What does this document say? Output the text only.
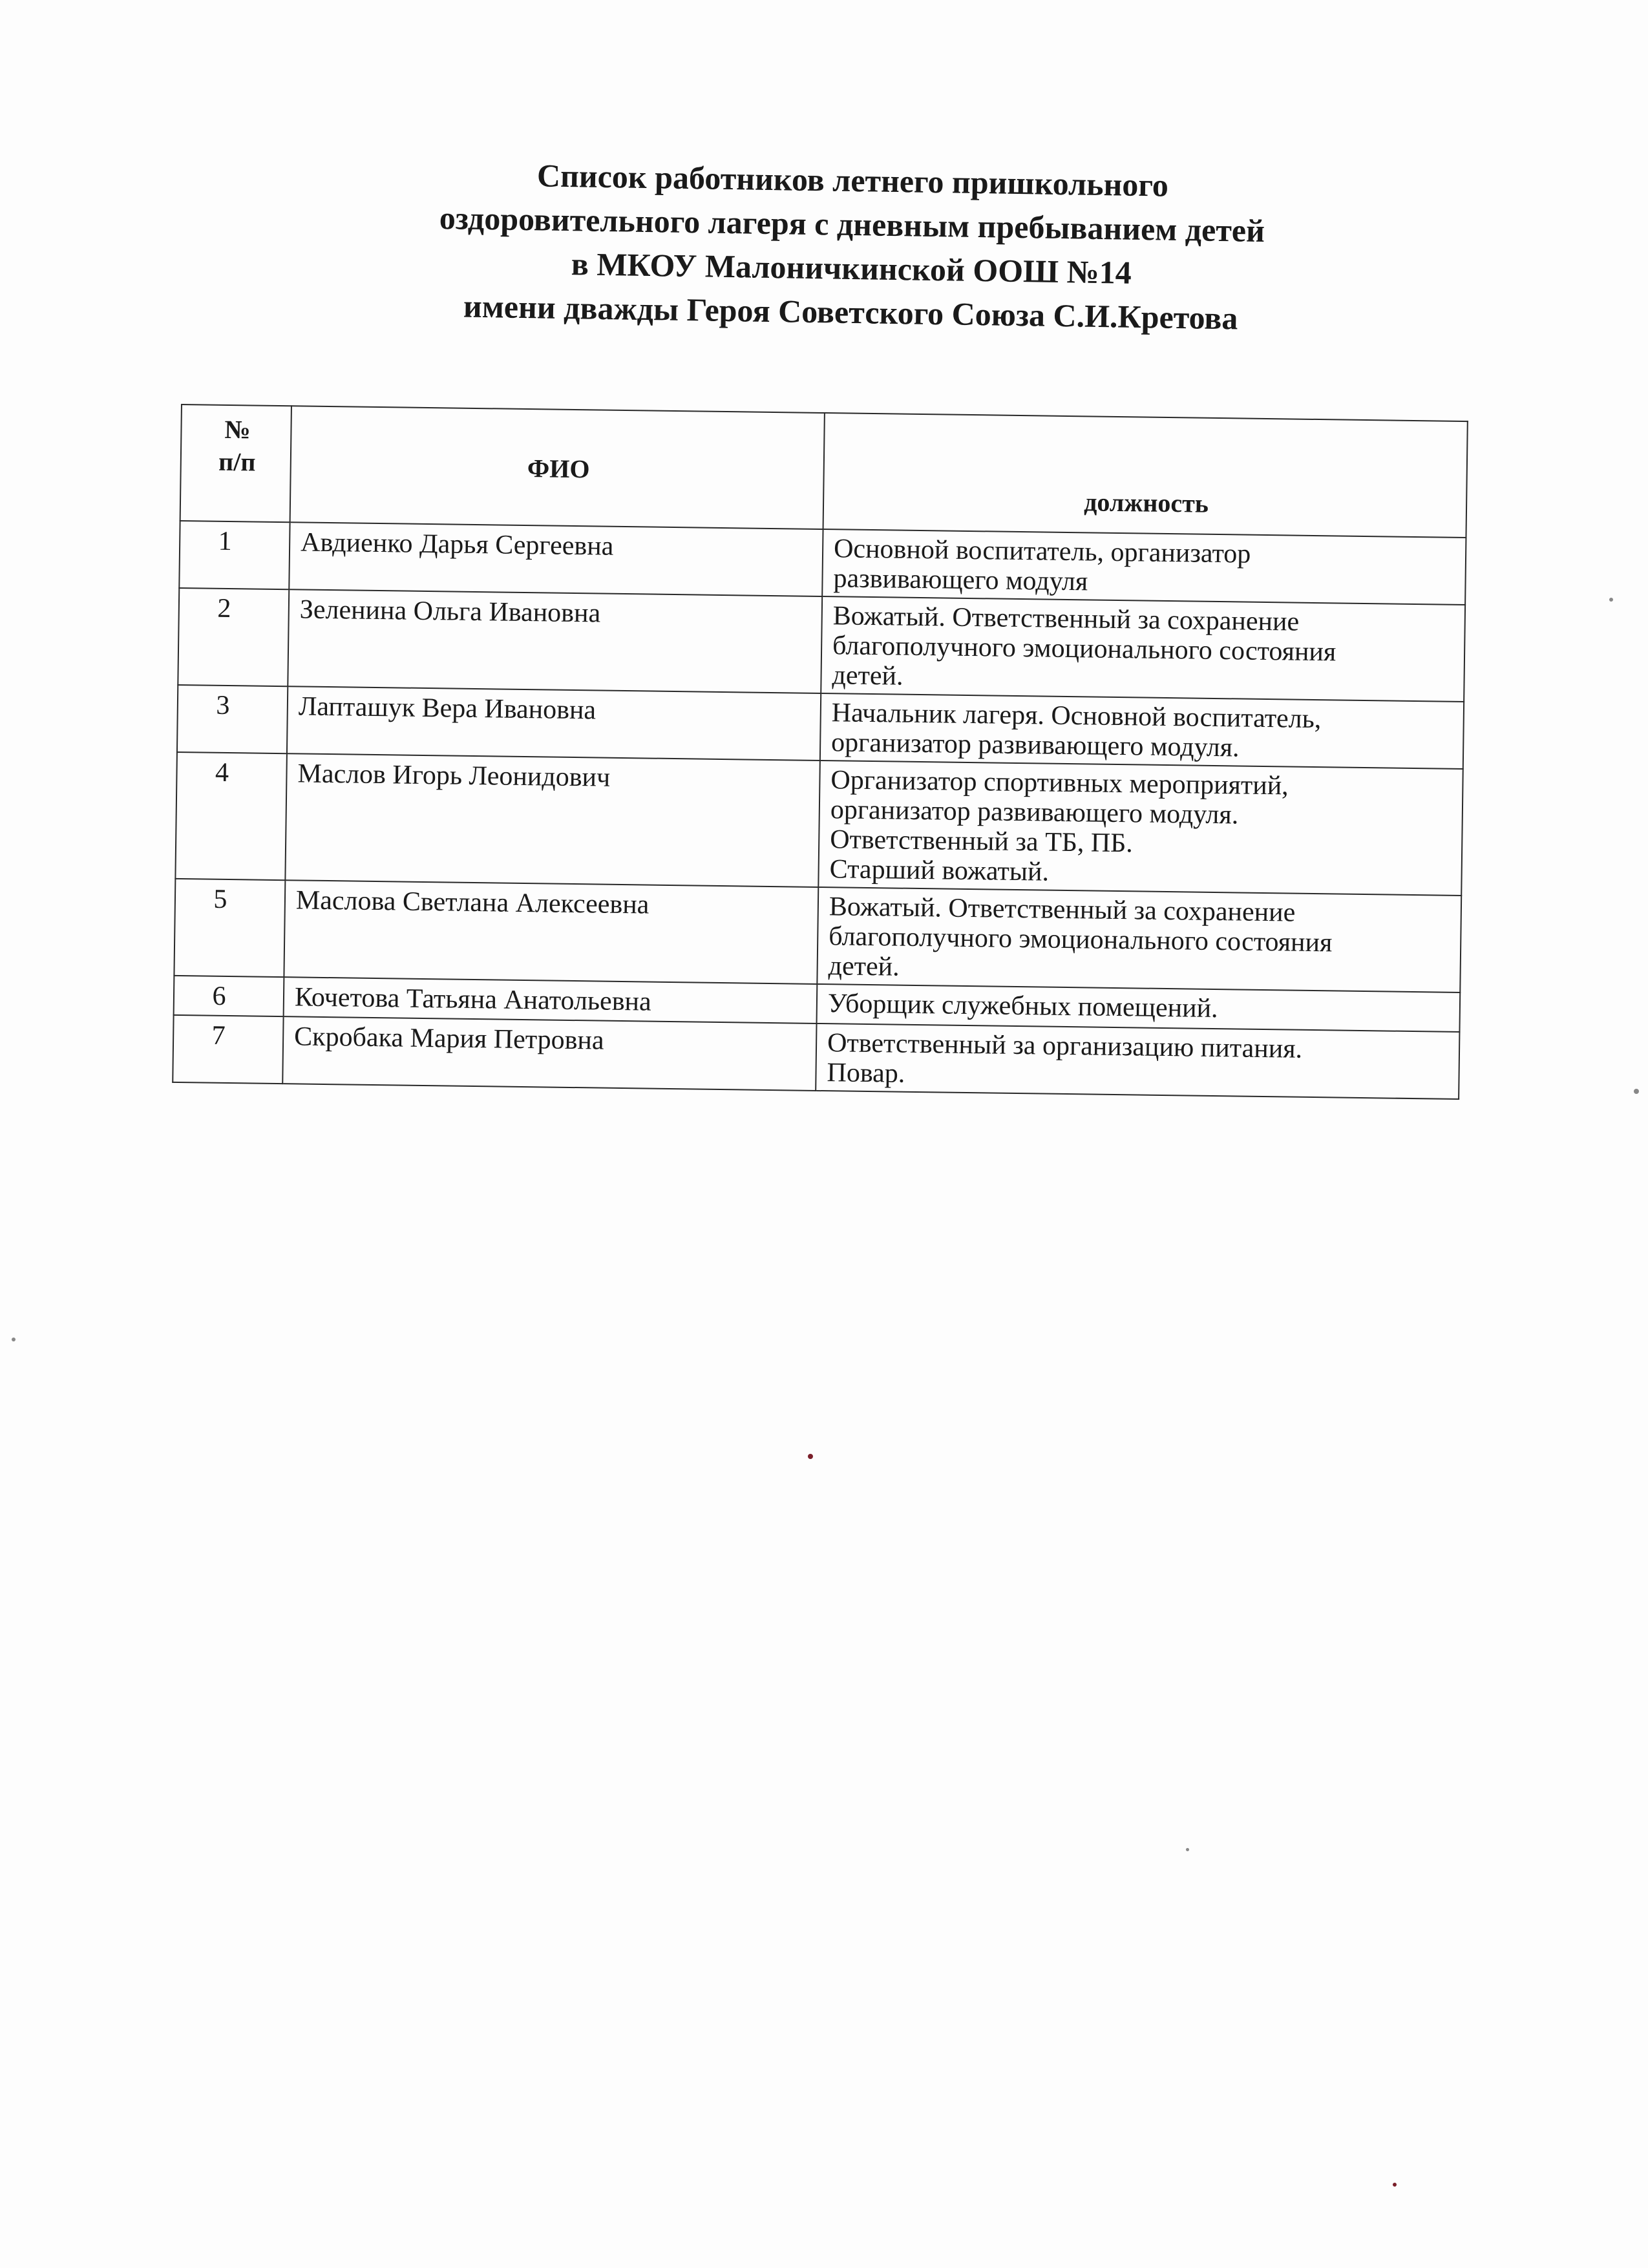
Список работников летнего пришкольного
оздоровительного лагеря с дневным пребыванием детей
в МКОУ Малоничкинской ООШ №14
имени дважды Героя Советского Союза С.И.Кретова
№
п/п	ФИО	должность
1	Авдиенко Дарья Сергеевна	Основной воспитатель, организатор
развивающего модуля

2	Зеленина Ольга Ивановна	Вожатый. Ответственный за сохранение
благополучного эмоционального состояния
детей.

3	Лапташук Вера Ивановна	Начальник лагеря. Основной воспитатель,
организатор развивающего модуля.

4	Маслов Игорь Леонидович	Организатор спортивных мероприятий,
организатор развивающего модуля.
Ответственный за ТБ, ПБ.
Старший вожатый.

5	Маслова Светлана Алексеевна	Вожатый. Ответственный за сохранение
благополучного эмоционального состояния
детей.

6	Кочетова Татьяна Анатольевна	Уборщик служебных помещений.

7	Скробака Мария Петровна	Ответственный за организацию питания.
Повар.
